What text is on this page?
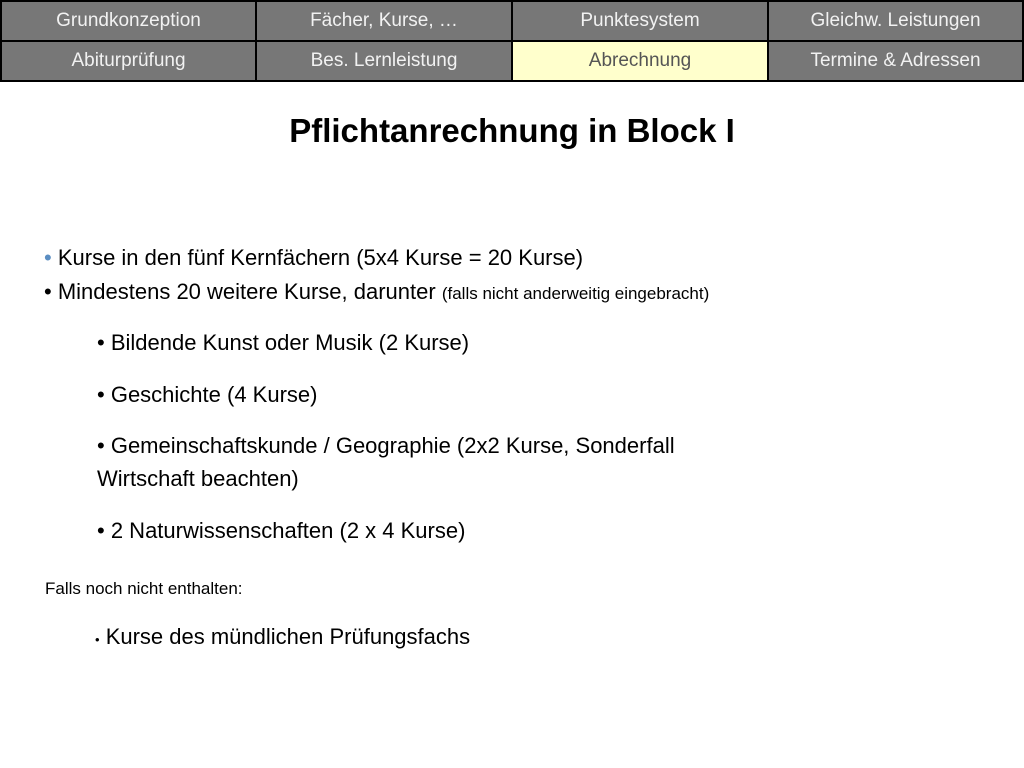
Grundkonzeption	Fächer, Kurse, …	Punktesystem	Gleichw. Leistungen
Abiturprüfung	Bes. Lernleistung	Abrechnung	Termine & Adressen
Pflichtanrechnung in Block I
• Kurse in den fünf Kernfächern (5x4 Kurse = 20 Kurse)
• Mindestens 20 weitere Kurse, darunter (falls nicht anderweitig eingebracht)
• Bildende Kunst oder Musik (2 Kurse)
• Geschichte (4 Kurse)
• Gemeinschaftskunde / Geographie (2x2 Kurse, Sonderfall
Wirtschaft beachten)
• 2 Naturwissenschaften (2 x 4 Kurse)
Falls noch nicht enthalten:
• Kurse des mündlichen Prüfungsfachs
